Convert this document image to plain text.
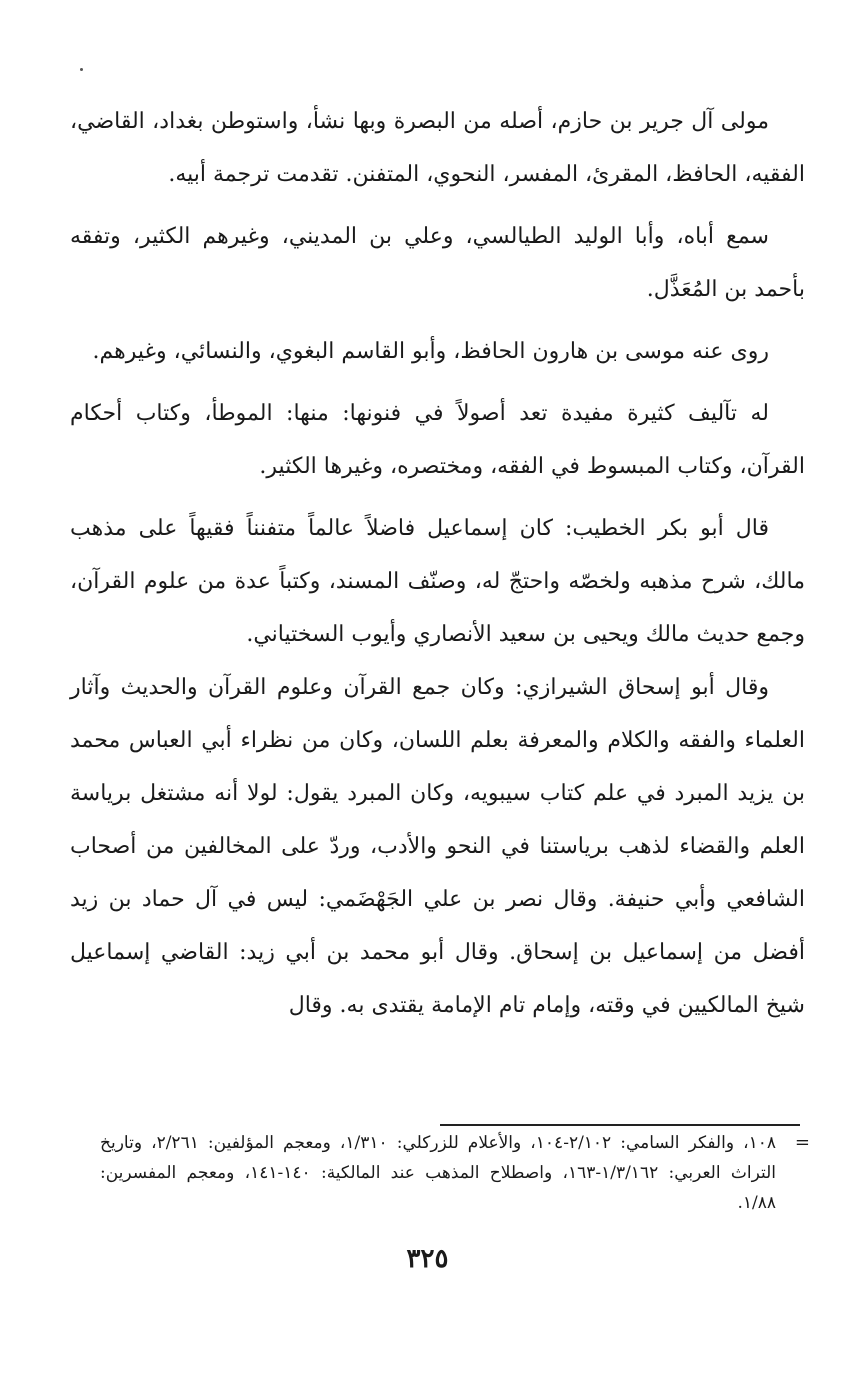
مولى آل جرير بن حازم، أصله من البصرة وبها نشأ، واستوطن بغداد، القاضي، الفقيه، الحافظ، المقرئ، المفسر، النحوي، المتفنن. تقدمت ترجمة أبيه.

سمع أباه، وأبا الوليد الطيالسي، وعلي بن المديني، وغيرهم الكثير، وتفقه بأحمد بن المُعَذَّل.

روى عنه موسى بن هارون الحافظ، وأبو القاسم البغوي، والنسائي، وغيرهم.

له تآليف كثيرة مفيدة تعد أصولاً في فنونها: منها: الموطأ، وكتاب أحكام القرآن، وكتاب المبسوط في الفقه، ومختصره، وغيرها الكثير.

قال أبو بكر الخطيب: كان إسماعيل فاضلاً عالماً متفنناً فقيهاً على مذهب مالك، شرح مذهبه ولخصّه واحتجّ له، وصنّف المسند، وكتباً عدة من علوم القرآن، وجمع حديث مالك ويحيى بن سعيد الأنصاري وأيوب السختياني.

وقال أبو إسحاق الشيرازي: وكان جمع القرآن وعلوم القرآن والحديث وآثار العلماء والفقه والكلام والمعرفة بعلم اللسان، وكان من نظراء أبي العباس محمد بن يزيد المبرد في علم كتاب سيبويه، وكان المبرد يقول: لولا أنه مشتغل برياسة العلم والقضاء لذهب برياستنا في النحو والأدب، وردّ على المخالفين من أصحاب الشافعي وأبي حنيفة. وقال نصر بن علي الجَهْضَمي: ليس في آل حماد بن زيد أفضل من إسماعيل بن إسحاق. وقال أبو محمد بن أبي زيد: القاضي إسماعيل شيخ المالكيين في وقته، وإمام تام الإمامة يقتدى به. وقال

=

١٠٨، والفكر السامي: ٢/١٠٢-١٠٤، والأعلام للزركلي: ١/٣١٠، ومعجم المؤلفين: ٢/٢٦١، وتاريخ التراث العربي: ١/٣/١٦٢-١٦٣، واصطلاح المذهب عند المالكية: ١٤٠-١٤١، ومعجم المفسرين: ١/٨٨.

٣٢٥
